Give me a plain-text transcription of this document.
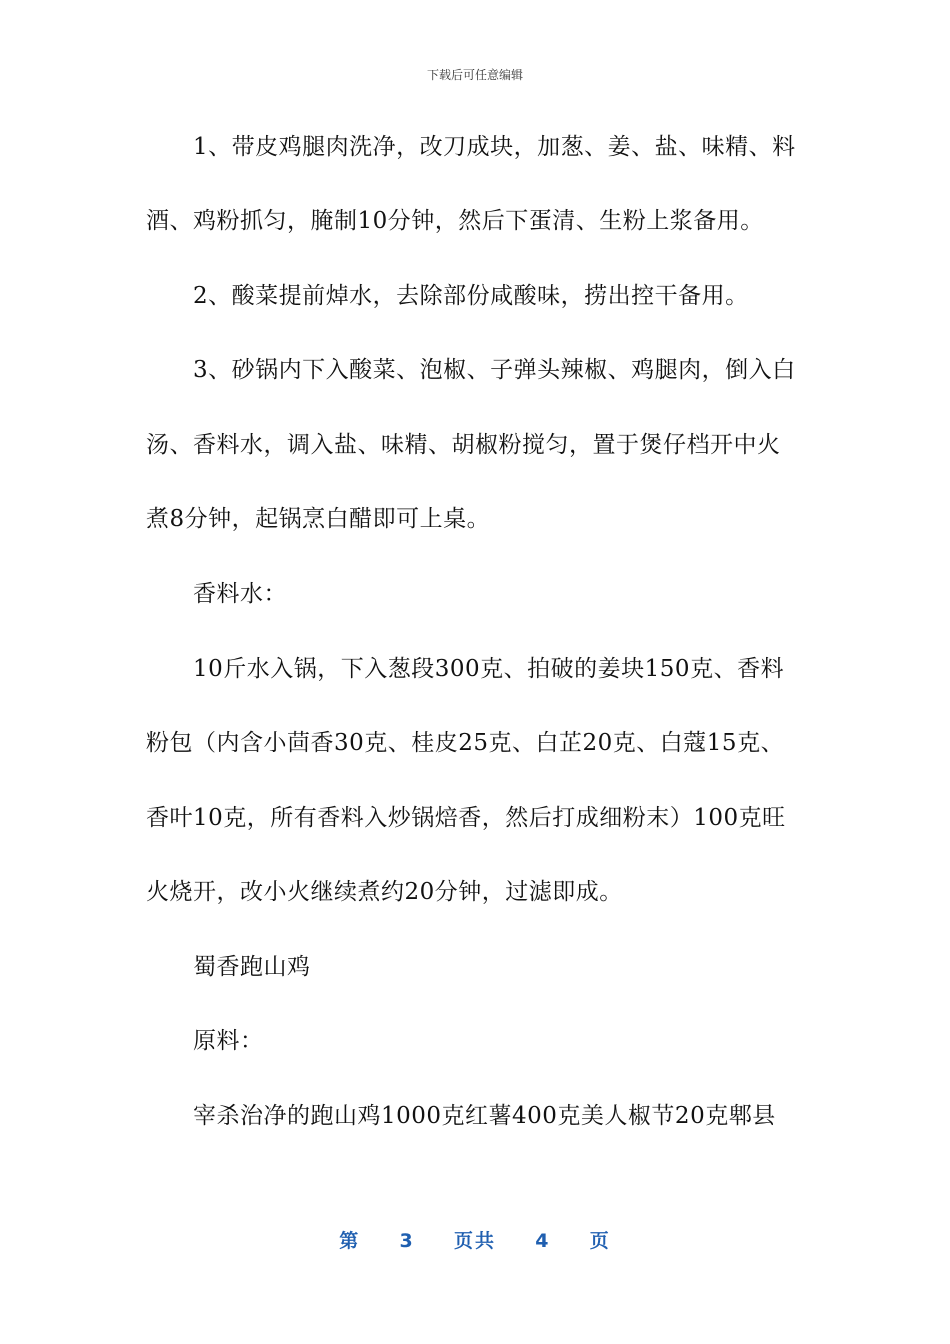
下载后可任意编辑
1、带皮鸡腿肉洗净，改刀成块，加葱、姜、盐、味精、料
酒、鸡粉抓匀，腌制10分钟，然后下蛋清、生粉上浆备用。
2、酸菜提前焯水，去除部份咸酸味，捞出控干备用。
3、砂锅内下入酸菜、泡椒、子弹头辣椒、鸡腿肉，倒入白
汤、香料水，调入盐、味精、胡椒粉搅匀，置于煲仔档开中火
煮8分钟，起锅烹白醋即可上桌。
香料水：
10斤水入锅，下入葱段300克、拍破的姜块150克、香料
粉包（内含小茴香30克、桂皮25克、白芷20克、白蔻15克、
香叶10克，所有香料入炒锅焙香，然后打成细粉末）100克旺
火烧开，改小火继续煮约20分钟，过滤即成。
蜀香跑山鸡
原料：
宰杀治净的跑山鸡1000克红薯400克美人椒节20克郫县
第 3 页共 4 页
